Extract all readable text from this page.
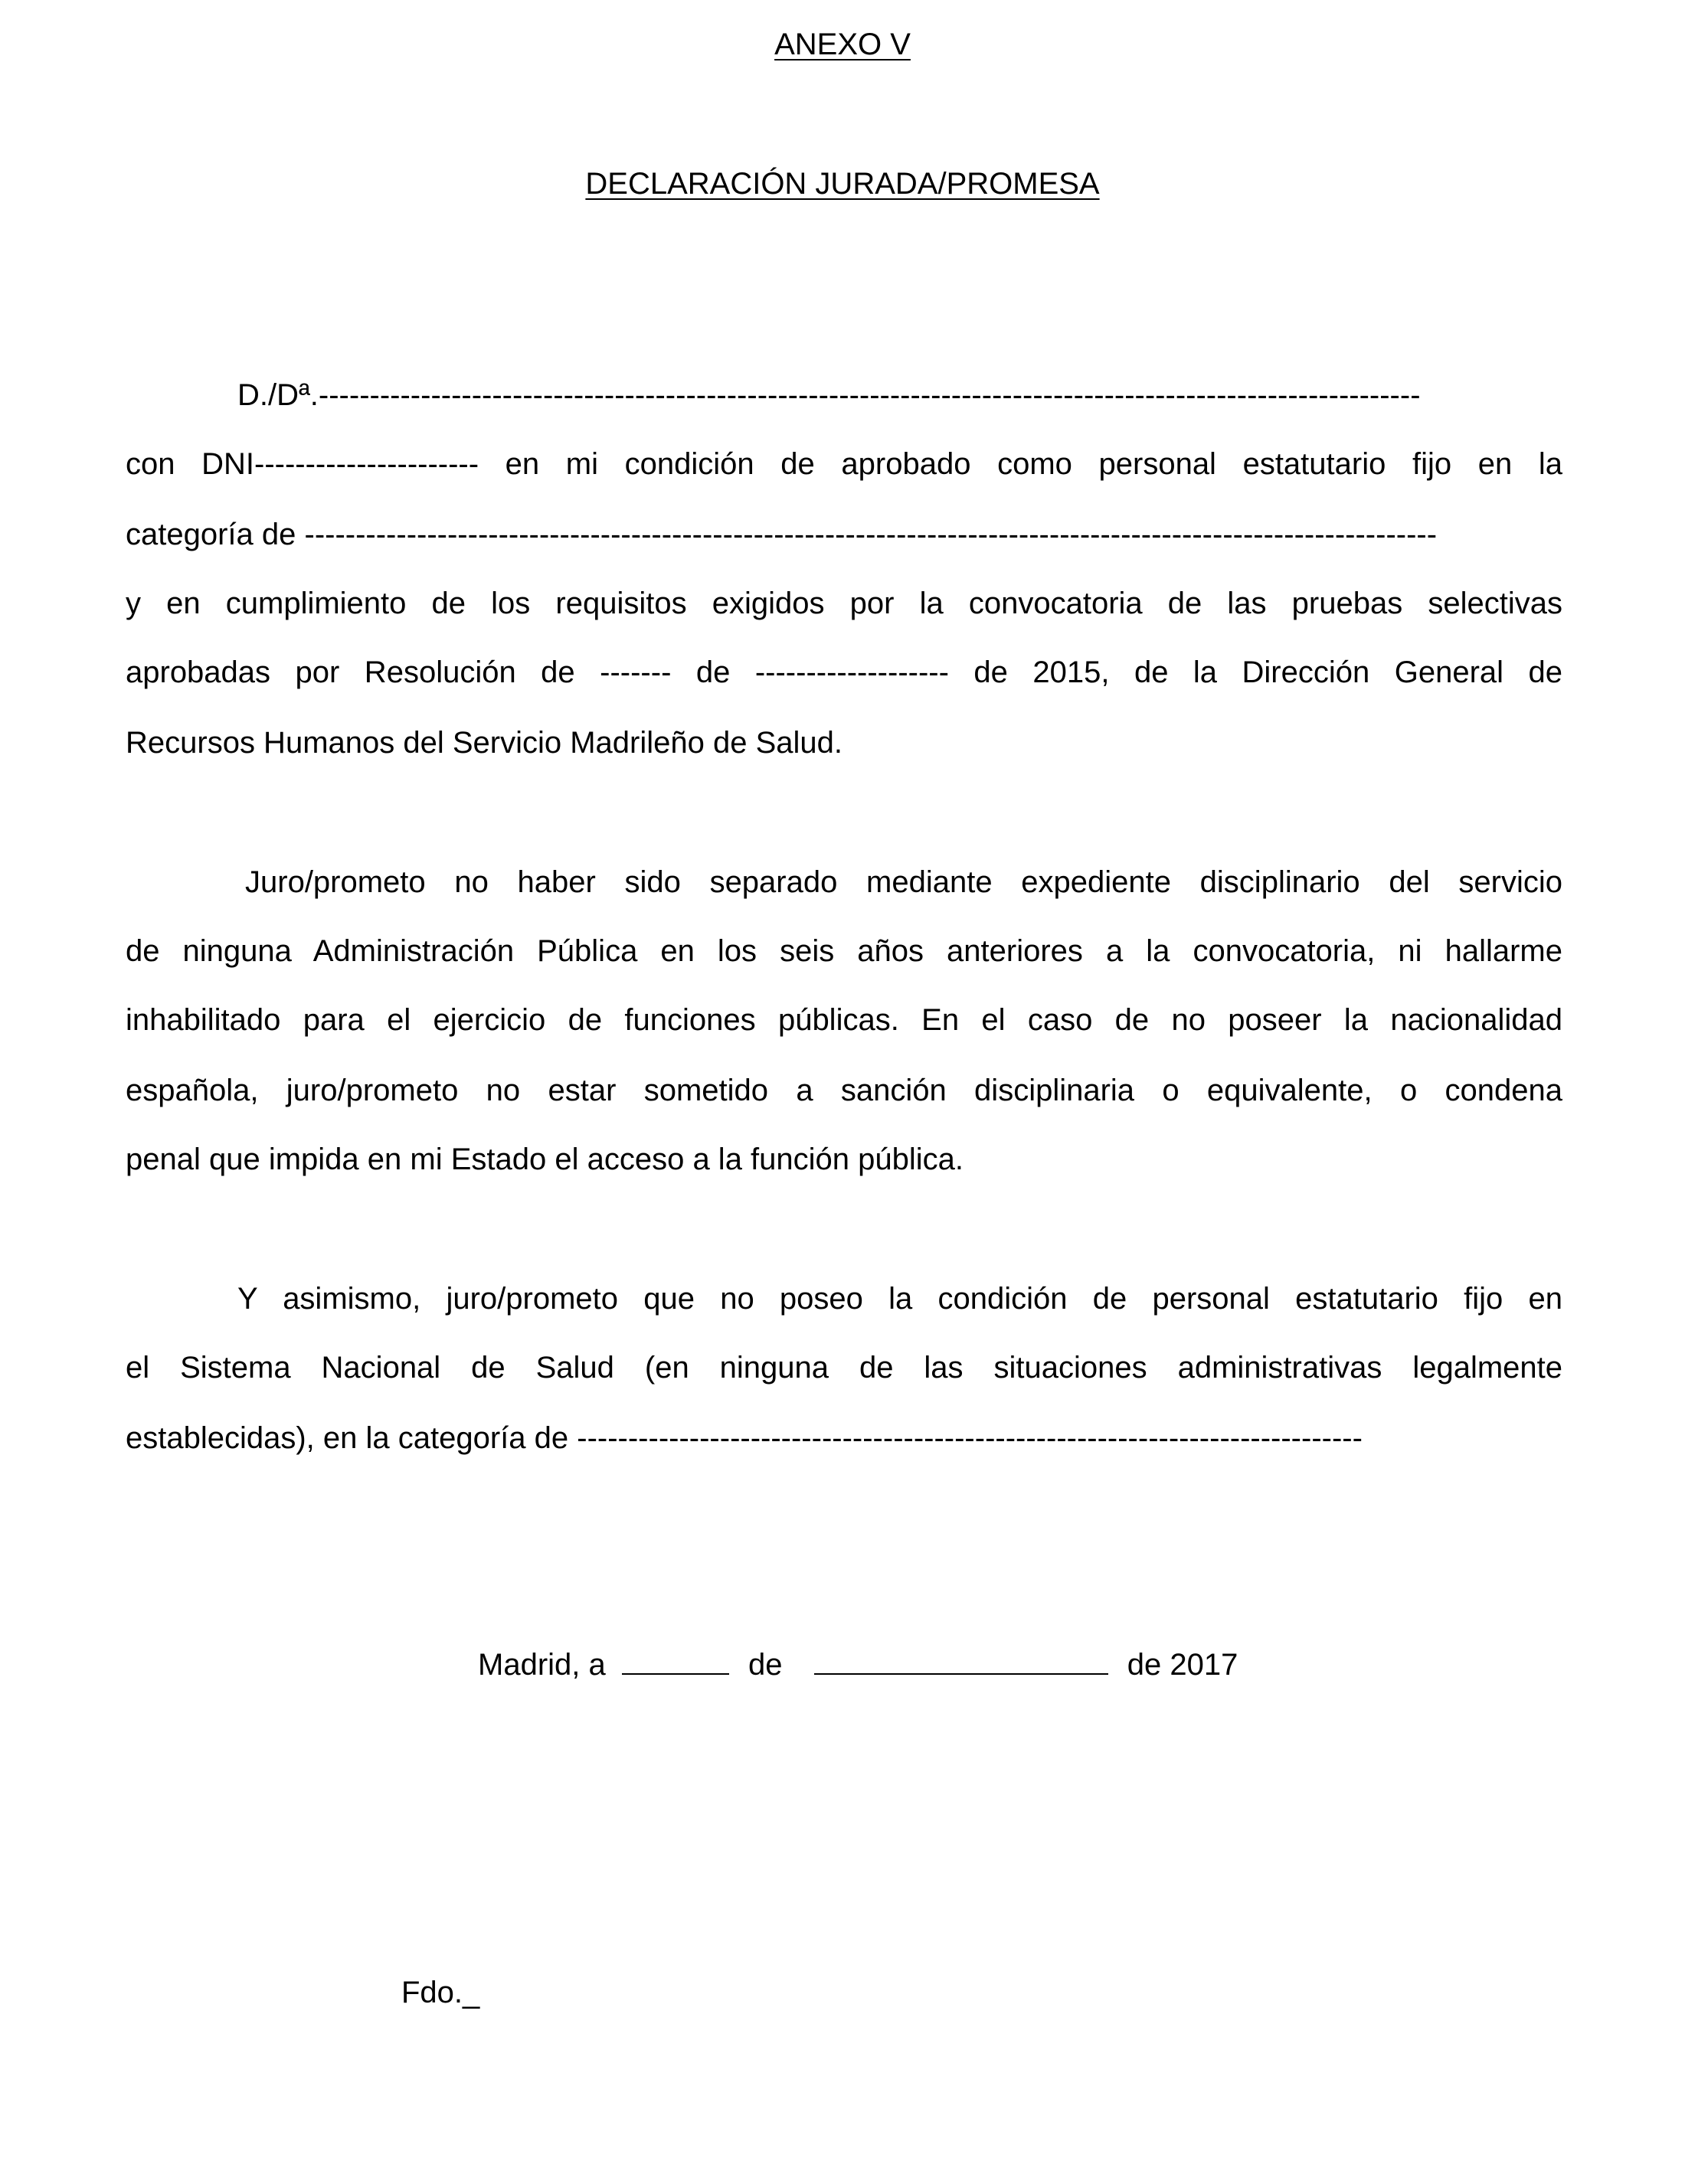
ANEXO V

DECLARACIÓN JURADA/PROMESA

D./Dª.------------------------------------------------------------------------------------------------------------

con DNI---------------------- en mi condición de aprobado como personal estatutario fijo en la

categoría de ---------------------------------------------------------------------------------------------------------------

y en cumplimiento de los requisitos exigidos por la convocatoria de las pruebas selectivas

aprobadas por Resolución de ------- de ------------------- de 2015, de la Dirección General de

Recursos Humanos del Servicio Madrileño de Salud.

Juro/prometo no haber sido separado mediante expediente disciplinario del servicio

de ninguna Administración Pública en los seis años anteriores a la convocatoria, ni hallarme

inhabilitado para el ejercicio de funciones públicas. En el caso de no poseer la nacionalidad

española, juro/prometo no estar sometido a sanción disciplinaria o equivalente, o condena

penal que impida en mi Estado el acceso a la función pública.

Y asimismo, juro/prometo que no poseo la condición de personal estatutario fijo en

el Sistema Nacional de Salud (en ninguna de las situaciones administrativas legalmente

establecidas), en la categoría de -----------------------------------------------------------------------------

Madrid, a	de	de 2017

Fdo._
